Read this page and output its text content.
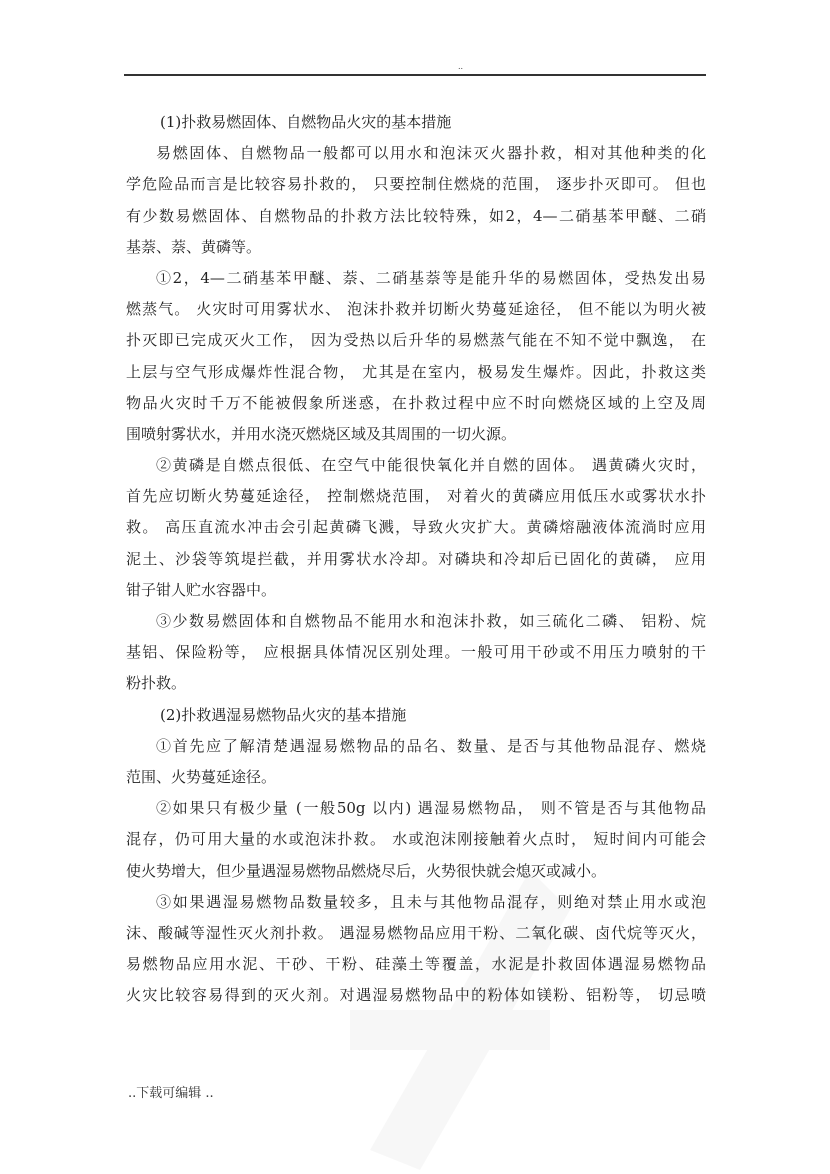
..
(1)扑救易燃固体、自燃物品火灾的基本措施
易燃固体、自燃物品一般都可以用水和泡沫灭火器扑救，相对其他种类的化
学危险品而言是比较容易扑救的， 只要控制住燃烧的范围， 逐步扑灭即可。 但也
有少数易燃固体、自燃物品的扑救方法比较特殊，如2，4—二硝基苯甲醚、二硝
基萘、萘、黄磷等。
①2，4—二硝基苯甲醚、萘、二硝基萘等是能升华的易燃固体，受热发出易
燃蒸气。 火灾时可用雾状水、 泡沫扑救并切断火势蔓延途径， 但不能以为明火被
扑灭即已完成灭火工作， 因为受热以后升华的易燃蒸气能在不知不觉中飘逸， 在
上层与空气形成爆炸性混合物， 尤其是在室内，极易发生爆炸。因此，扑救这类
物品火灾时千万不能被假象所迷惑，在扑救过程中应不时向燃烧区域的上空及周
围喷射雾状水，并用水浇灭燃烧区域及其周围的一切火源。
②黄磷是自燃点很低、在空气中能很快氧化并自燃的固体。 遇黄磷火灾时，
首先应切断火势蔓延途径， 控制燃烧范围， 对着火的黄磷应用低压水或雾状水扑
救。 高压直流水冲击会引起黄磷飞溅，导致火灾扩大。黄磷熔融液体流淌时应用
泥土、沙袋等筑堤拦截，并用雾状水冷却。对磷块和冷却后已固化的黄磷， 应用
钳子钳人贮水容器中。
③少数易燃固体和自燃物品不能用水和泡沫扑救，如三硫化二磷、 铝粉、烷
基铝、保险粉等， 应根据具体情况区别处理。一般可用干砂或不用压力喷射的干
粉扑救。
(2)扑救遇湿易燃物品火灾的基本措施
①首先应了解清楚遇湿易燃物品的品名、数量、是否与其他物品混存、燃烧
范围、火势蔓延途径。
②如果只有极少量 (一般50g 以内) 遇湿易燃物品， 则不管是否与其他物品
混存，仍可用大量的水或泡沫扑救。 水或泡沫刚接触着火点时， 短时间内可能会
使火势增大，但少量遇湿易燃物品燃烧尽后，火势很快就会熄灭或减小。
③如果遇湿易燃物品数量较多，且未与其他物品混存，则绝对禁止用水或泡
沫、酸碱等湿性灭火剂扑救。 遇湿易燃物品应用干粉、二氧化碳、卤代烷等灭火，
易燃物品应用水泥、干砂、干粉、硅藻土等覆盖，水泥是扑救固体遇湿易燃物品
火灾比较容易得到的灭火剂。对遇湿易燃物品中的粉体如镁粉、铝粉等， 切忌喷
..下载可编辑 ..
